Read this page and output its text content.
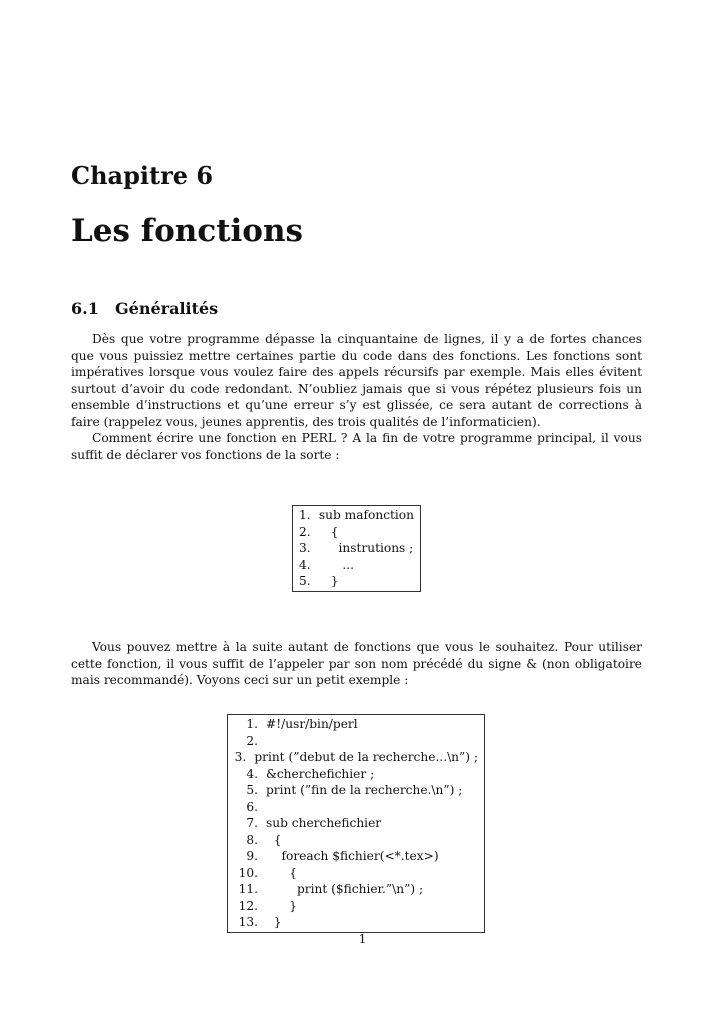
Chapitre 6
Les fonctions
6.1 Généralités

Dès que votre programme dépasse la cinquantaine de lignes, il y a de fortes chances que vous puissiez mettre certaines partie du code dans des fonctions. Les fonctions sont impératives lorsque vous voulez faire des appels récursifs par exemple. Mais elles évitent surtout d’avoir du code redondant. N’oubliez jamais que si vous répétez plusieurs fois un ensemble d’instructions et qu’une erreur s’y est glissée, ce sera autant de corrections à faire (rappelez vous, jeunes apprentis, des trois qualités de l’informaticien).

Comment écrire une fonction en PERL ? A la fin de votre programme principal, il vous suffit de déclarer vos fonctions de la sorte :

1. sub mafonction
2.	{
3.	instrutions ;
4.	...
5.	}

Vous pouvez mettre à la suite autant de fonctions que vous le souhaitez. Pour utiliser cette fonction, il vous suffit de l’appeler par son nom précédé du signe & (non obligatoire mais recommandé). Voyons ceci sur un petit exemple :

1. #!/usr/bin/perl
2.
3. print (”debut de la recherche...\n”) ;
4. &cherchefichier ;
5. print (”fin de la recherche.\n”) ;
6.
7. sub cherchefichier
8. {
9. foreach $fichier(<*.tex>)
10. {
11. print ($fichier.”\n”) ;
12. }
13. }
1
